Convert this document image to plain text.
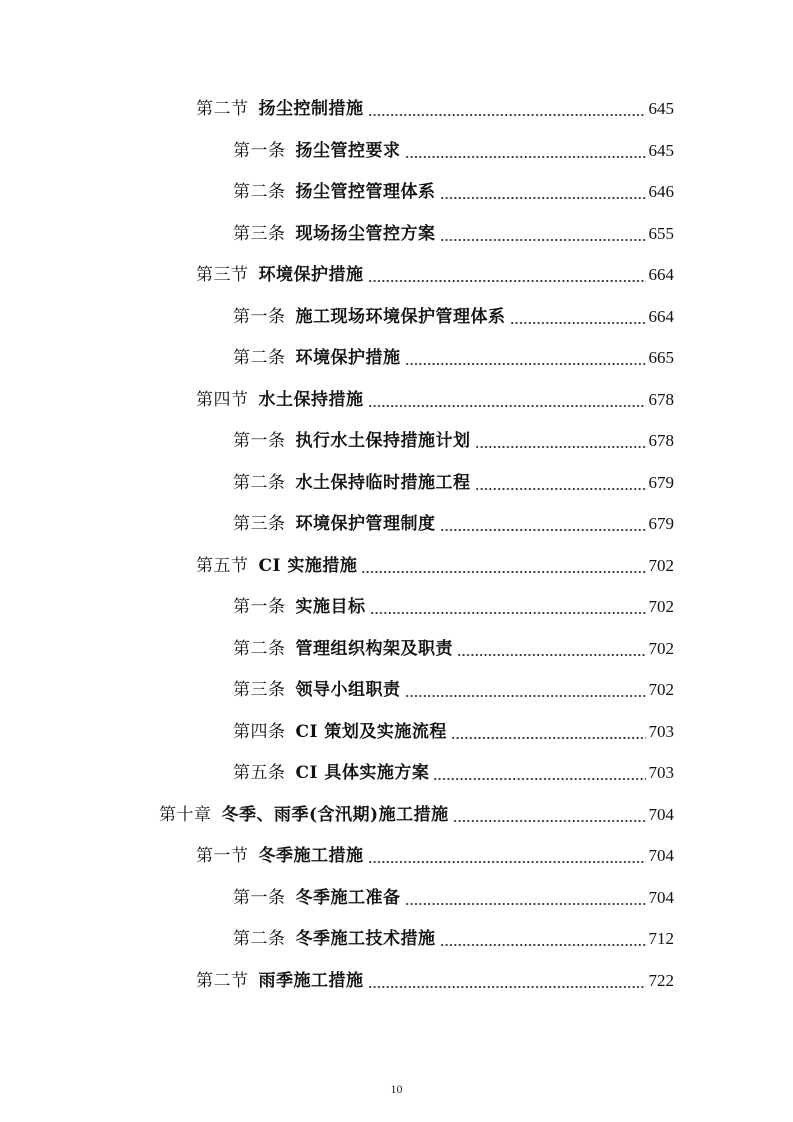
第二节 扬尘控制措施	645
第一条 扬尘管控要求	645
第二条 扬尘管控管理体系	646
第三条 现场扬尘管控方案	655
第三节 环境保护措施	664
第一条 施工现场环境保护管理体系	664
第二条 环境保护措施	665
第四节 水土保持措施	678
第一条 执行水土保持措施计划	678
第二条 水土保持临时措施工程	679
第三条 环境保护管理制度	679
第五节 CI 实施措施	702
第一条 实施目标	702
第二条 管理组织构架及职责	702
第三条 领导小组职责	702
第四条 CI 策划及实施流程	703
第五条 CI 具体实施方案	703
第十章 冬季、雨季(含汛期)施工措施	704
第一节 冬季施工措施	704
第一条 冬季施工准备	704
第二条 冬季施工技术措施	712
第二节 雨季施工措施	722
10
